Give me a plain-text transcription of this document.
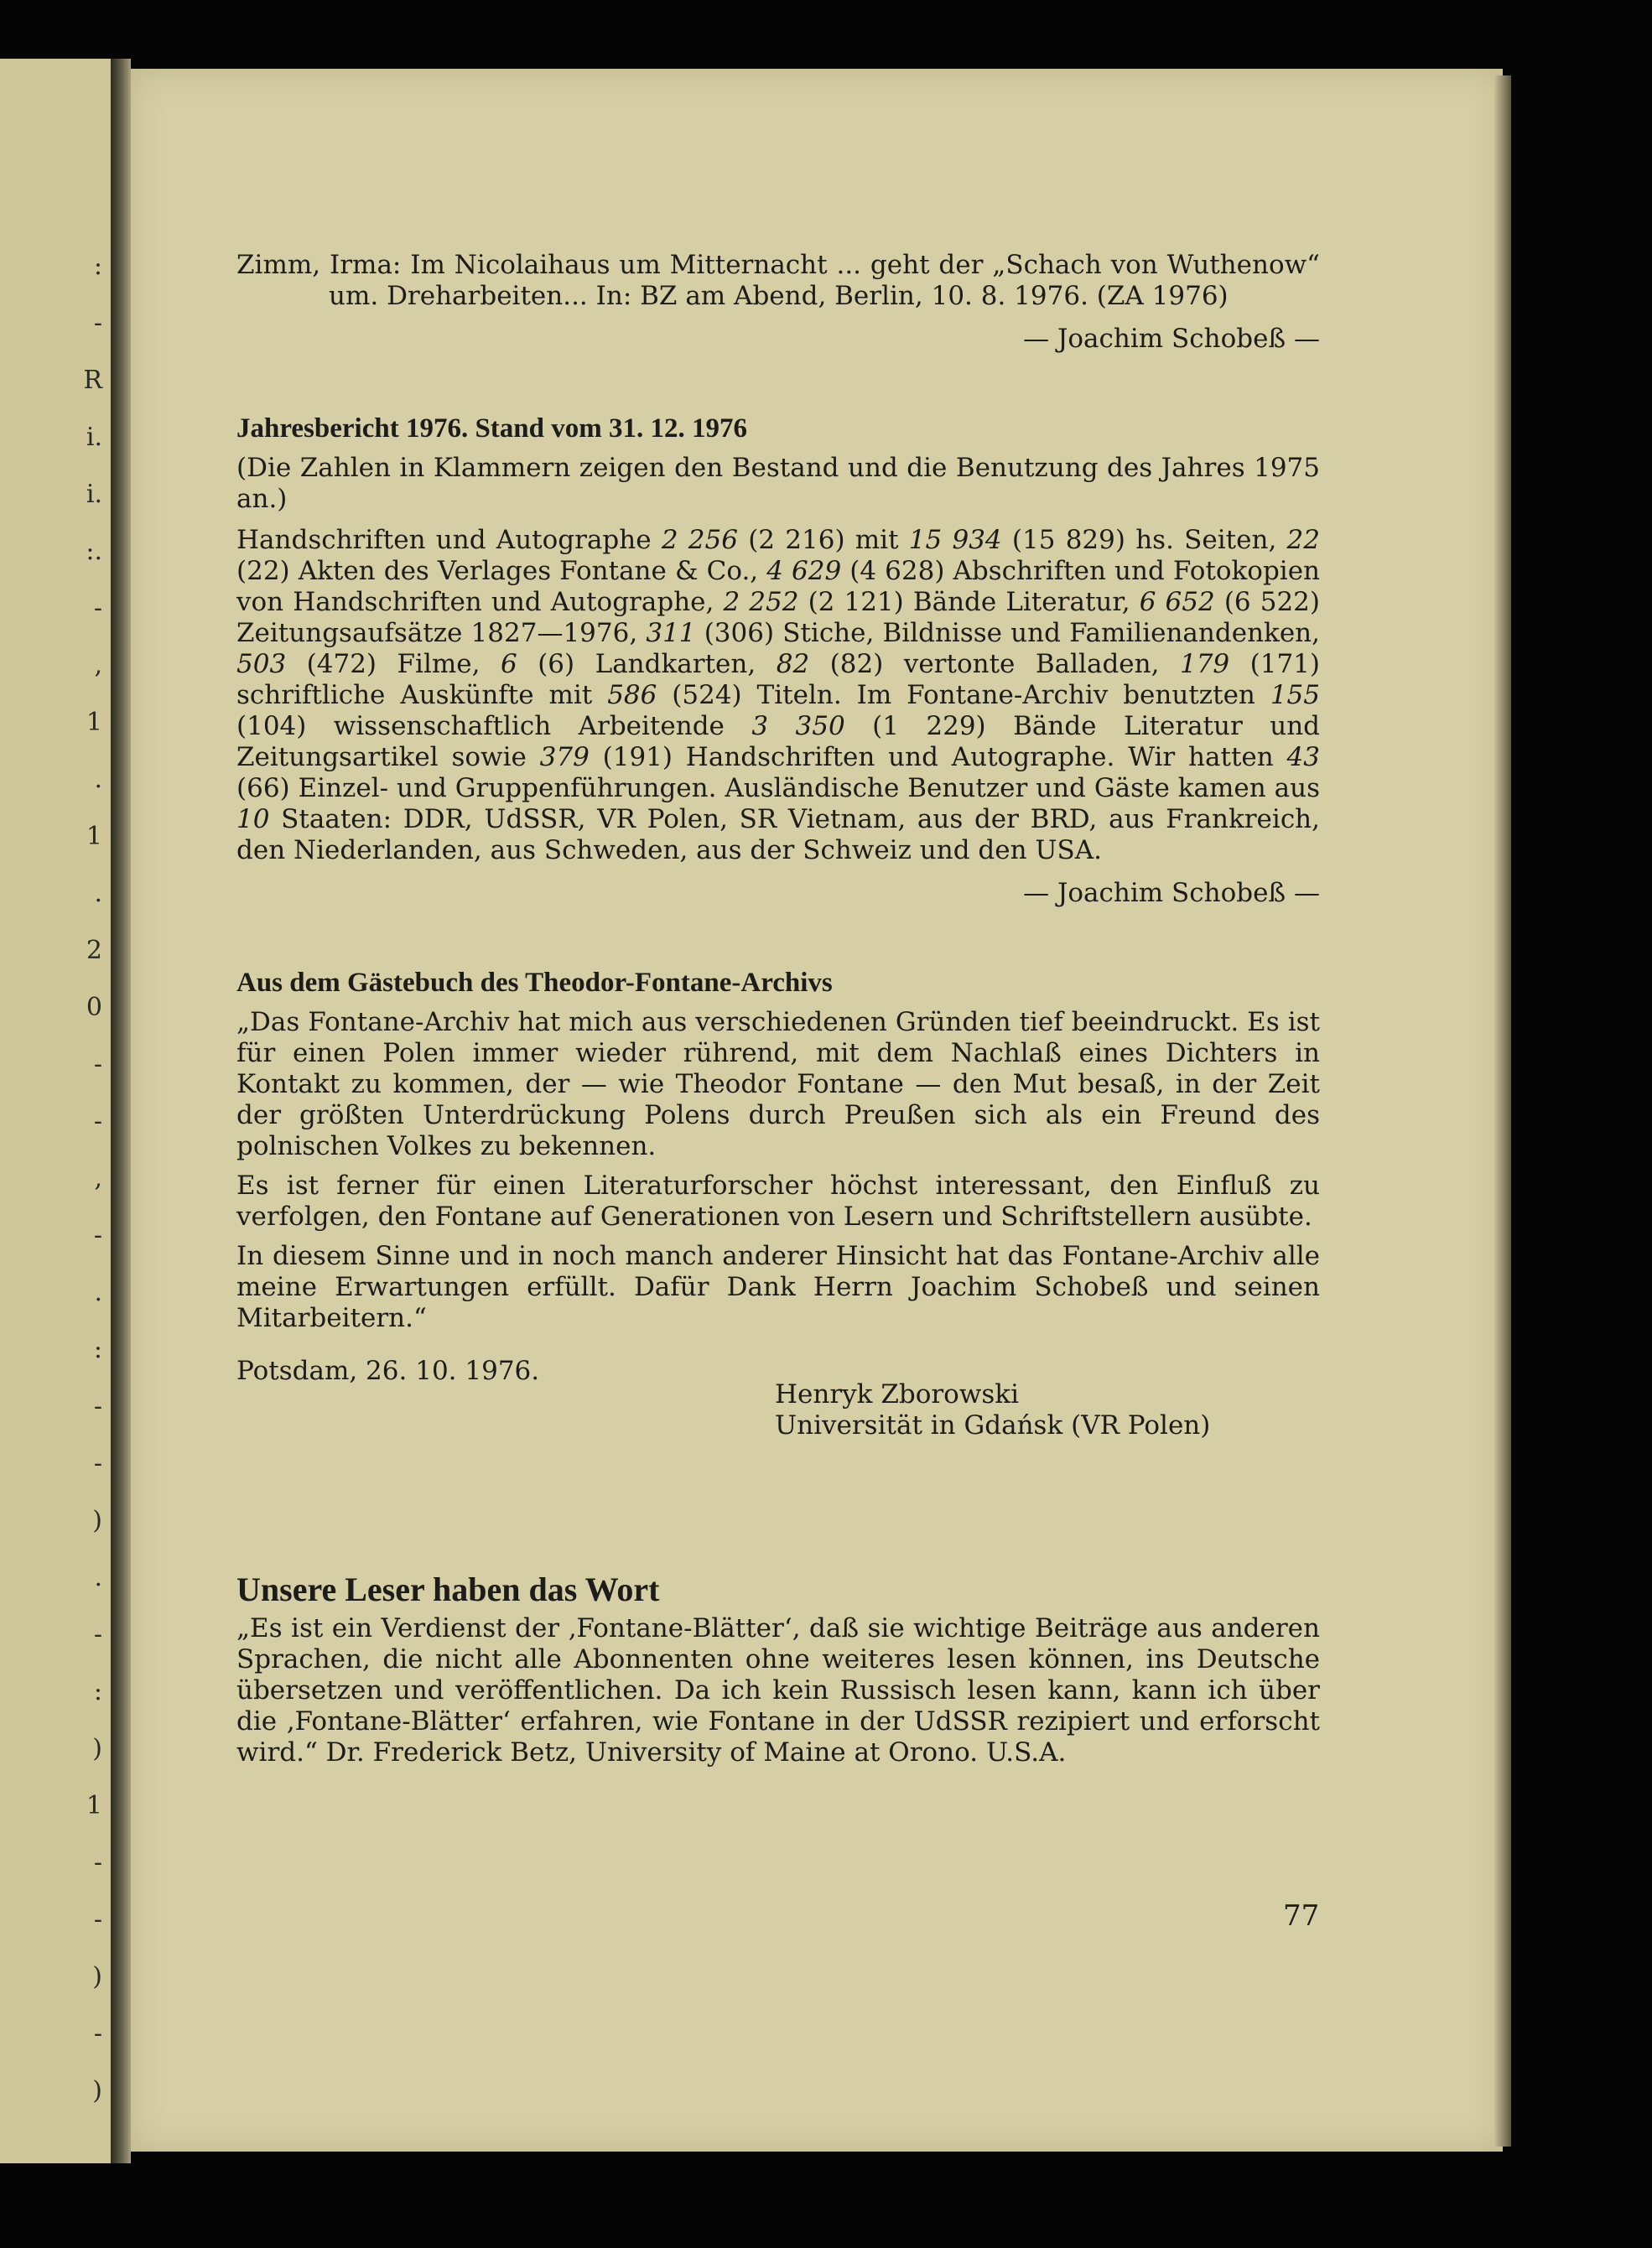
:
-
R
i.
i.
:.
-
,
1
.
1
.
2
0
-
-
,
-
.
:
-
-
)
.
-
:
)
1
-
-
)
-
)

Zimm, Irma: Im Nicolaihaus um Mitternacht ... geht der „Schach von Wuthenow“ um. Dreharbeiten... In: BZ am Abend, Berlin, 10. 8. 1976. (ZA 1976)

— Joachim Schobeß —

Jahresbericht 1976. Stand vom 31. 12. 1976

(Die Zahlen in Klammern zeigen den Bestand und die Benutzung des Jahres 1975 an.)

Handschriften und Autographe 2 256 (2 216) mit 15 934 (15 829) hs. Seiten, 22 (22) Akten des Verlages Fontane & Co., 4 629 (4 628) Abschriften und Fotokopien von Handschriften und Autographe, 2 252 (2 121) Bände Literatur, 6 652 (6 522) Zeitungsaufsätze 1827—1976, 311 (306) Stiche, Bildnisse und Familienandenken, 503 (472) Filme, 6 (6) Landkarten, 82 (82) vertonte Balladen, 179 (171) schriftliche Auskünfte mit 586 (524) Titeln. Im Fontane-Archiv benutzten 155 (104) wissenschaftlich Arbeitende 3 350 (1 229) Bände Literatur und Zeitungsartikel sowie 379 (191) Handschriften und Autographe. Wir hatten 43 (66) Einzel- und Gruppenführungen. Ausländische Benutzer und Gäste kamen aus 10 Staaten: DDR, UdSSR, VR Polen, SR Vietnam, aus der BRD, aus Frankreich, den Niederlanden, aus Schweden, aus der Schweiz und den USA.

— Joachim Schobeß —

Aus dem Gästebuch des Theodor-Fontane-Archivs

„Das Fontane-Archiv hat mich aus verschiedenen Gründen tief beeindruckt. Es ist für einen Polen immer wieder rührend, mit dem Nachlaß eines Dichters in Kontakt zu kommen, der — wie Theodor Fontane — den Mut besaß, in der Zeit der größten Unterdrückung Polens durch Preußen sich als ein Freund des polnischen Volkes zu bekennen.

Es ist ferner für einen Literaturforscher höchst interessant, den Einfluß zu verfolgen, den Fontane auf Generationen von Lesern und Schriftstellern ausübte.

In diesem Sinne und in noch manch anderer Hinsicht hat das Fontane-Archiv alle meine Erwartungen erfüllt. Dafür Dank Herrn Joachim Schobeß und seinen Mitarbeitern.“

Potsdam, 26. 10. 1976.
Henryk Zborowski
Universität in Gdańsk (VR Polen)
Unsere Leser haben das Wort

„Es ist ein Verdienst der ‚Fontane-Blätter‘, daß sie wichtige Beiträge aus anderen Sprachen, die nicht alle Abonnenten ohne weiteres lesen können, ins Deutsche übersetzen und veröffentlichen. Da ich kein Russisch lesen kann, kann ich über die ‚Fontane-Blätter‘ erfahren, wie Fontane in der UdSSR rezipiert und erforscht wird.“ Dr. Frederick Betz, University of Maine at Orono. U.S.A.

77
